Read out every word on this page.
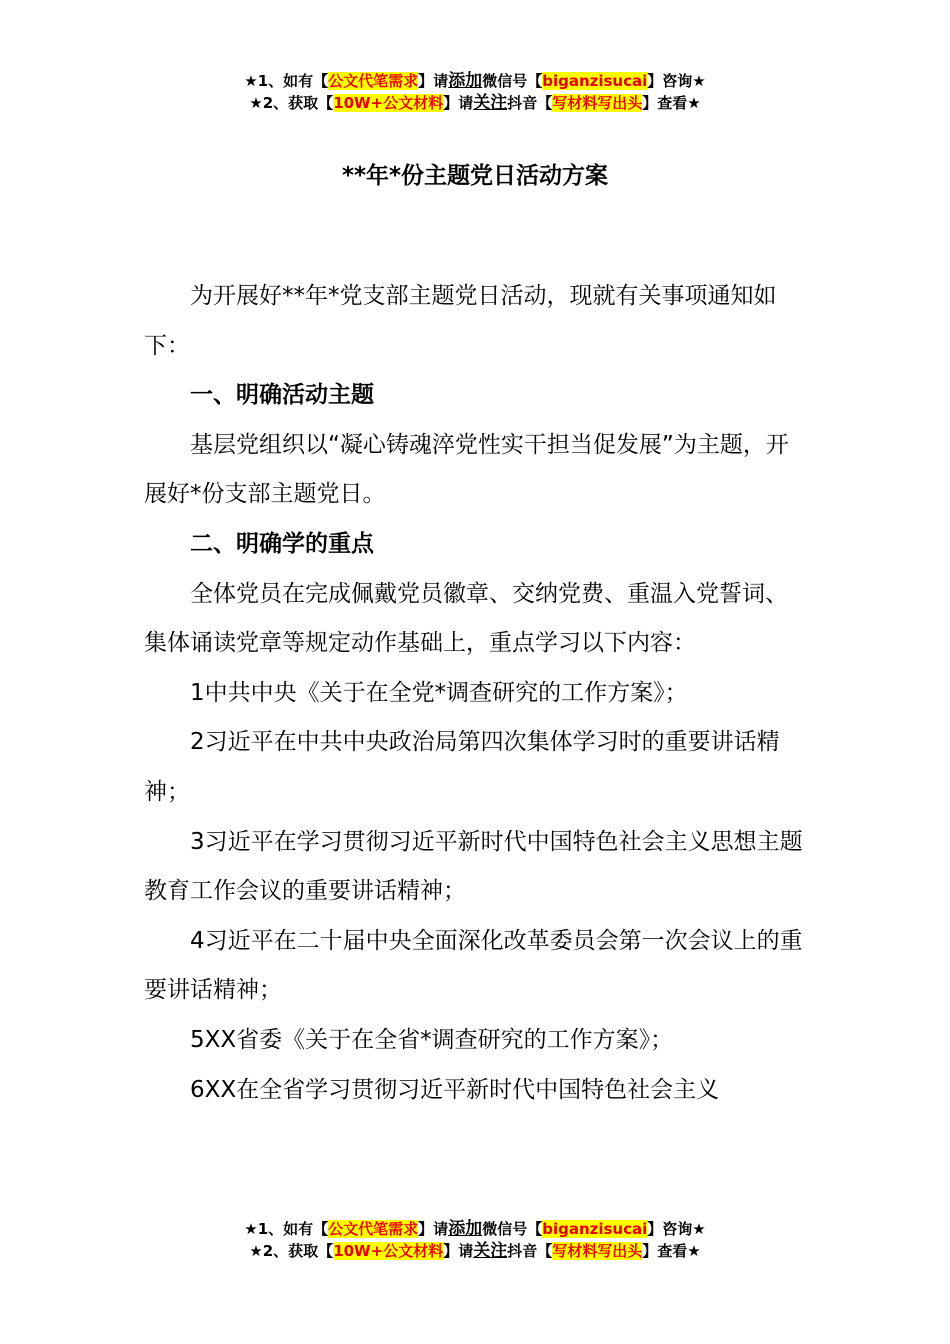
★1、如有【公文代笔需求】请添加微信号【biganzisucai】咨询★
★2、获取【10W+公文材料】请关注抖音【写材料写出头】查看★
**年*份主题党日活动方案

为开展好**年*党支部主题党日活动，现就有关事项通知如下：

一、明确活动主题

基层党组织以“凝心铸魂淬党性实干担当促发展”为主题，开展好*份支部主题党日。

二、明确学的重点

全体党员在完成佩戴党员徽章、交纳党费、重温入党誓词、集体诵读党章等规定动作基础上，重点学习以下内容：

1中共中央《关于在全党*调查研究的工作方案》；

2习近平在中共中央政治局第四次集体学习时的重要讲话精神；

3习近平在学习贯彻习近平新时代中国特色社会主义思想主题教育工作会议的重要讲话精神；

4习近平在二十届中央全面深化改革委员会第一次会议上的重要讲话精神；

5XX省委《关于在全省*调查研究的工作方案》；

6XX在全省学习贯彻习近平新时代中国特色社会主义

★1、如有【公文代笔需求】请添加微信号【biganzisucai】咨询★
★2、获取【10W+公文材料】请关注抖音【写材料写出头】查看★
